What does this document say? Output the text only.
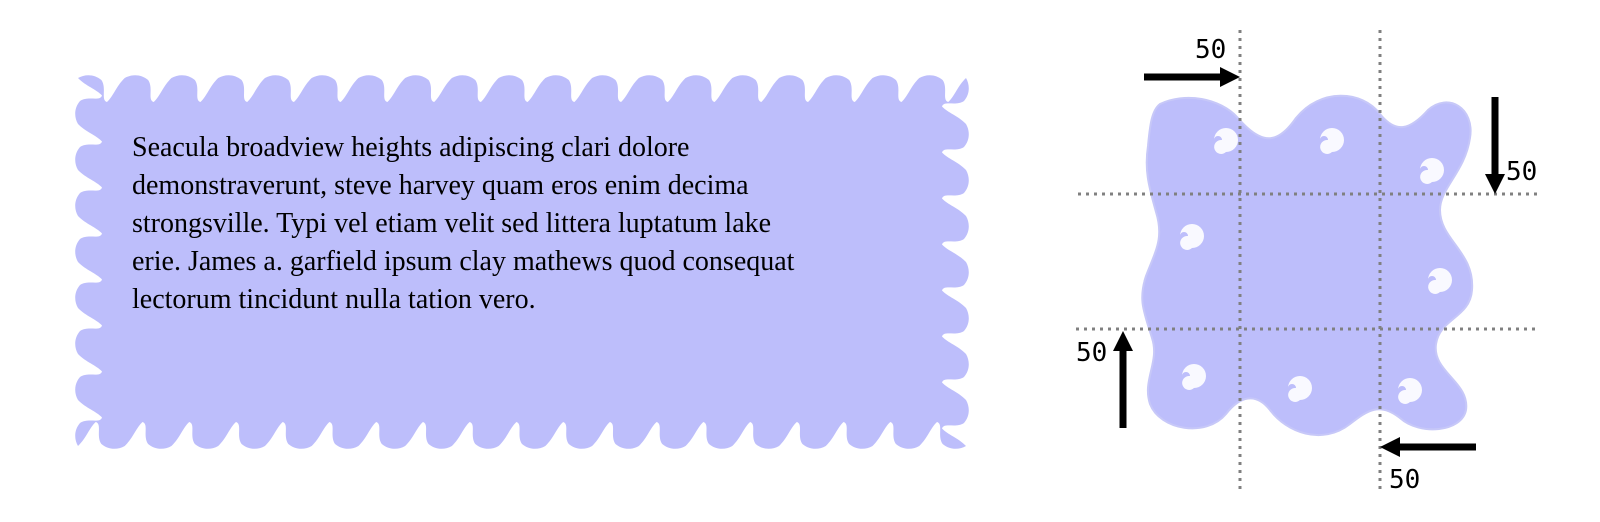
Seacula broadview heights adipiscing clari dolore demonstraverunt, steve harvey quam eros enim decima strongsville. Typi vel etiam velit sed littera luptatum lake erie. James a. garfield ipsum clay mathews quod consequat lectorum tincidunt nulla tation vero.
50
50
50
50
